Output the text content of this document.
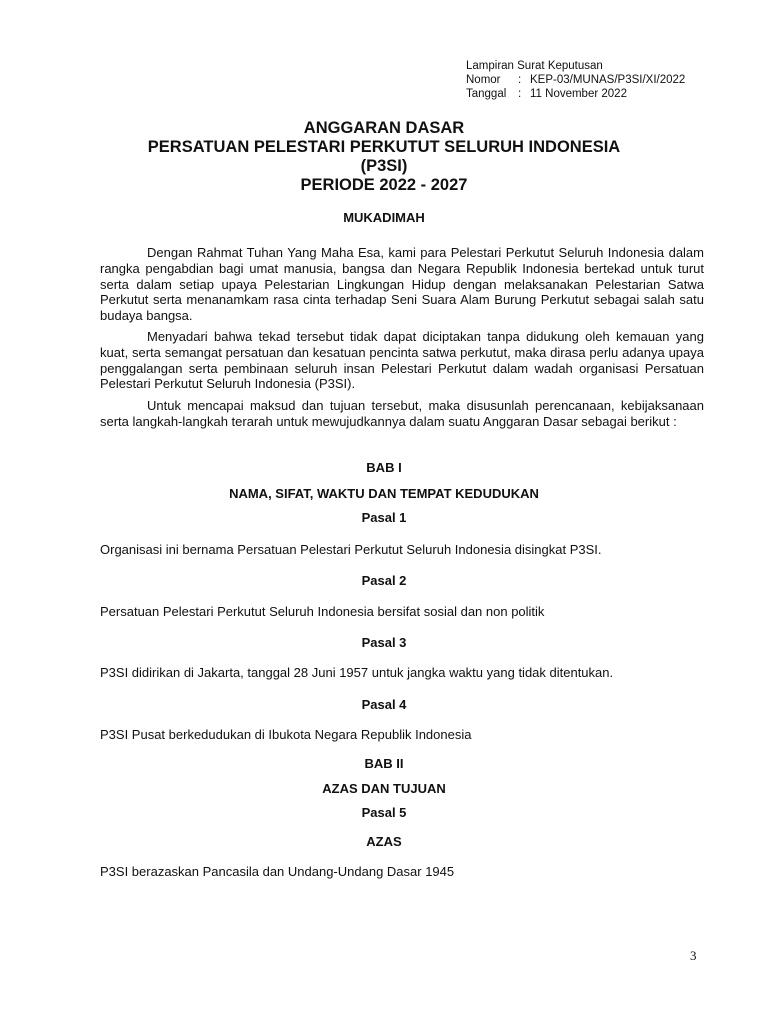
Lampiran Surat Keputusan
Nomor	: KEP-03/MUNAS/P3SI/XI/2022
Tanggal	: 11 November 2022
ANGGARAN DASAR
PERSATUAN PELESTARI PERKUTUT SELURUH INDONESIA
(P3SI)
PERIODE 2022 - 2027
MUKADIMAH
Dengan Rahmat Tuhan Yang Maha Esa, kami para Pelestari Perkutut Seluruh Indonesia dalam rangka pengabdian bagi umat manusia, bangsa dan Negara Republik Indonesia bertekad untuk turut serta dalam setiap upaya Pelestarian Lingkungan Hidup dengan melaksanakan Pelestarian Satwa Perkutut serta menanamkam rasa cinta terhadap Seni Suara Alam Burung Perkutut sebagai salah satu budaya bangsa.
Menyadari bahwa tekad tersebut tidak dapat diciptakan tanpa didukung oleh kemauan yang kuat, serta semangat persatuan dan kesatuan pencinta satwa perkutut, maka dirasa perlu adanya upaya penggalangan serta pembinaan seluruh insan Pelestari Perkutut dalam wadah organisasi Persatuan Pelestari Perkutut Seluruh Indonesia (P3SI).
Untuk mencapai maksud dan tujuan tersebut, maka disusunlah perencanaan, kebijaksanaan serta langkah-langkah terarah untuk mewujudkannya dalam suatu Anggaran Dasar sebagai berikut :
BAB I
NAMA, SIFAT, WAKTU DAN TEMPAT KEDUDUKAN
Pasal 1
Organisasi ini bernama Persatuan Pelestari Perkutut Seluruh Indonesia disingkat P3SI.
Pasal 2
Persatuan Pelestari Perkutut Seluruh Indonesia bersifat sosial dan non politik
Pasal 3
P3SI didirikan di Jakarta, tanggal 28 Juni 1957 untuk jangka waktu yang tidak ditentukan.
Pasal 4
P3SI Pusat berkedudukan di Ibukota Negara Republik Indonesia
BAB II
AZAS DAN TUJUAN
Pasal 5
AZAS
P3SI berazaskan Pancasila dan Undang-Undang Dasar 1945
3
